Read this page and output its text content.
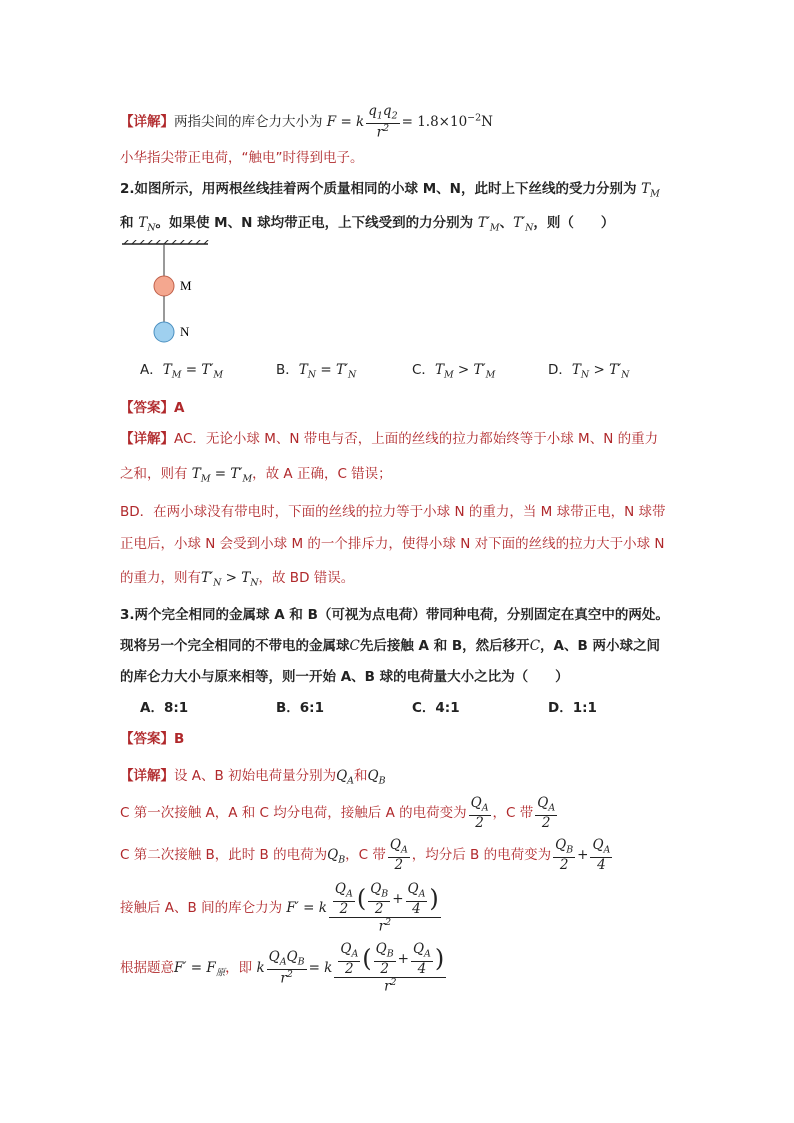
【详解】两指尖间的库仑力大小为 F = k $\frac{q_1q_2}{r^2} = 1.8\times 10^{-2}N$
小华指尖带正电荷，“触电”时得到电子。
2.如图所示，用两根丝线挂着两个质量相同的小球 M、N，此时上下丝线的受力分别为 $T_M$
和 $T_N$。如果使 M、N 球均带正电，上下线受到的力分别为 $T'_M$、$T'_N$，则（　　）
M
N
A．$T_M = T'_M$	B．$T_N = T'_N$	C．$T_M > T'_M$	D．$T_N > T'_N$
【答案】A
【详解】AC．无论小球 M、N 带电与否，上面的丝线的拉力都始终等于小球 M、N 的重力
之和，则有 $T_M = T'_M$，故 A 正确，C 错误；
BD．在两小球没有带电时，下面的丝线的拉力等于小球 N 的重力，当 M 球带正电，N 球带
正电后，小球 N 会受到小球 M 的一个排斥力，使得小球 N 对下面的丝线的拉力大于小球 N
的重力，则有$T'_N > T_N$，故 BD 错误。
3.两个完全相同的金属球 A 和 B（可视为点电荷）带同种电荷，分别固定在真空中的两处。
现将另一个完全相同的不带电的金属球C先后接触 A 和 B，然后移开C，A、B 两小球之间
的库仑力大小与原来相等，则一开始 A、B 球的电荷量大小之比为（　　）
A．8:1	B．6:1	C．4:1	D．1:1
【答案】B
【详解】设 A、B 初始电荷量分别为$Q_A$和$Q_B$
C 第一次接触 A，A 和 C 均分电荷，接触后 A 的电荷变为 $\frac{Q_A}{2}$ ，C 带 $\frac{Q_A}{2}$
C 第二次接触 B，此时 B 的电荷为$Q_B$，C 带 $\frac{Q_A}{2}$ ，均分后 B 的电荷变为 $\frac{Q_B}{2} + \frac{Q_A}{4}$
接触后 A、B 间的库仑力为 F′ = k $\frac{\frac{Q_A}{2} ( \frac{Q_B}{2} + \frac{Q_A}{4} )}{r^2}$
根据题意$F' = F_原$，即 k $\frac{Q_AQ_B}{r^2} = k \frac{\frac{Q_A}{2} ( \frac{Q_B}{2} + \frac{Q_A}{4} )}{r^2}$
